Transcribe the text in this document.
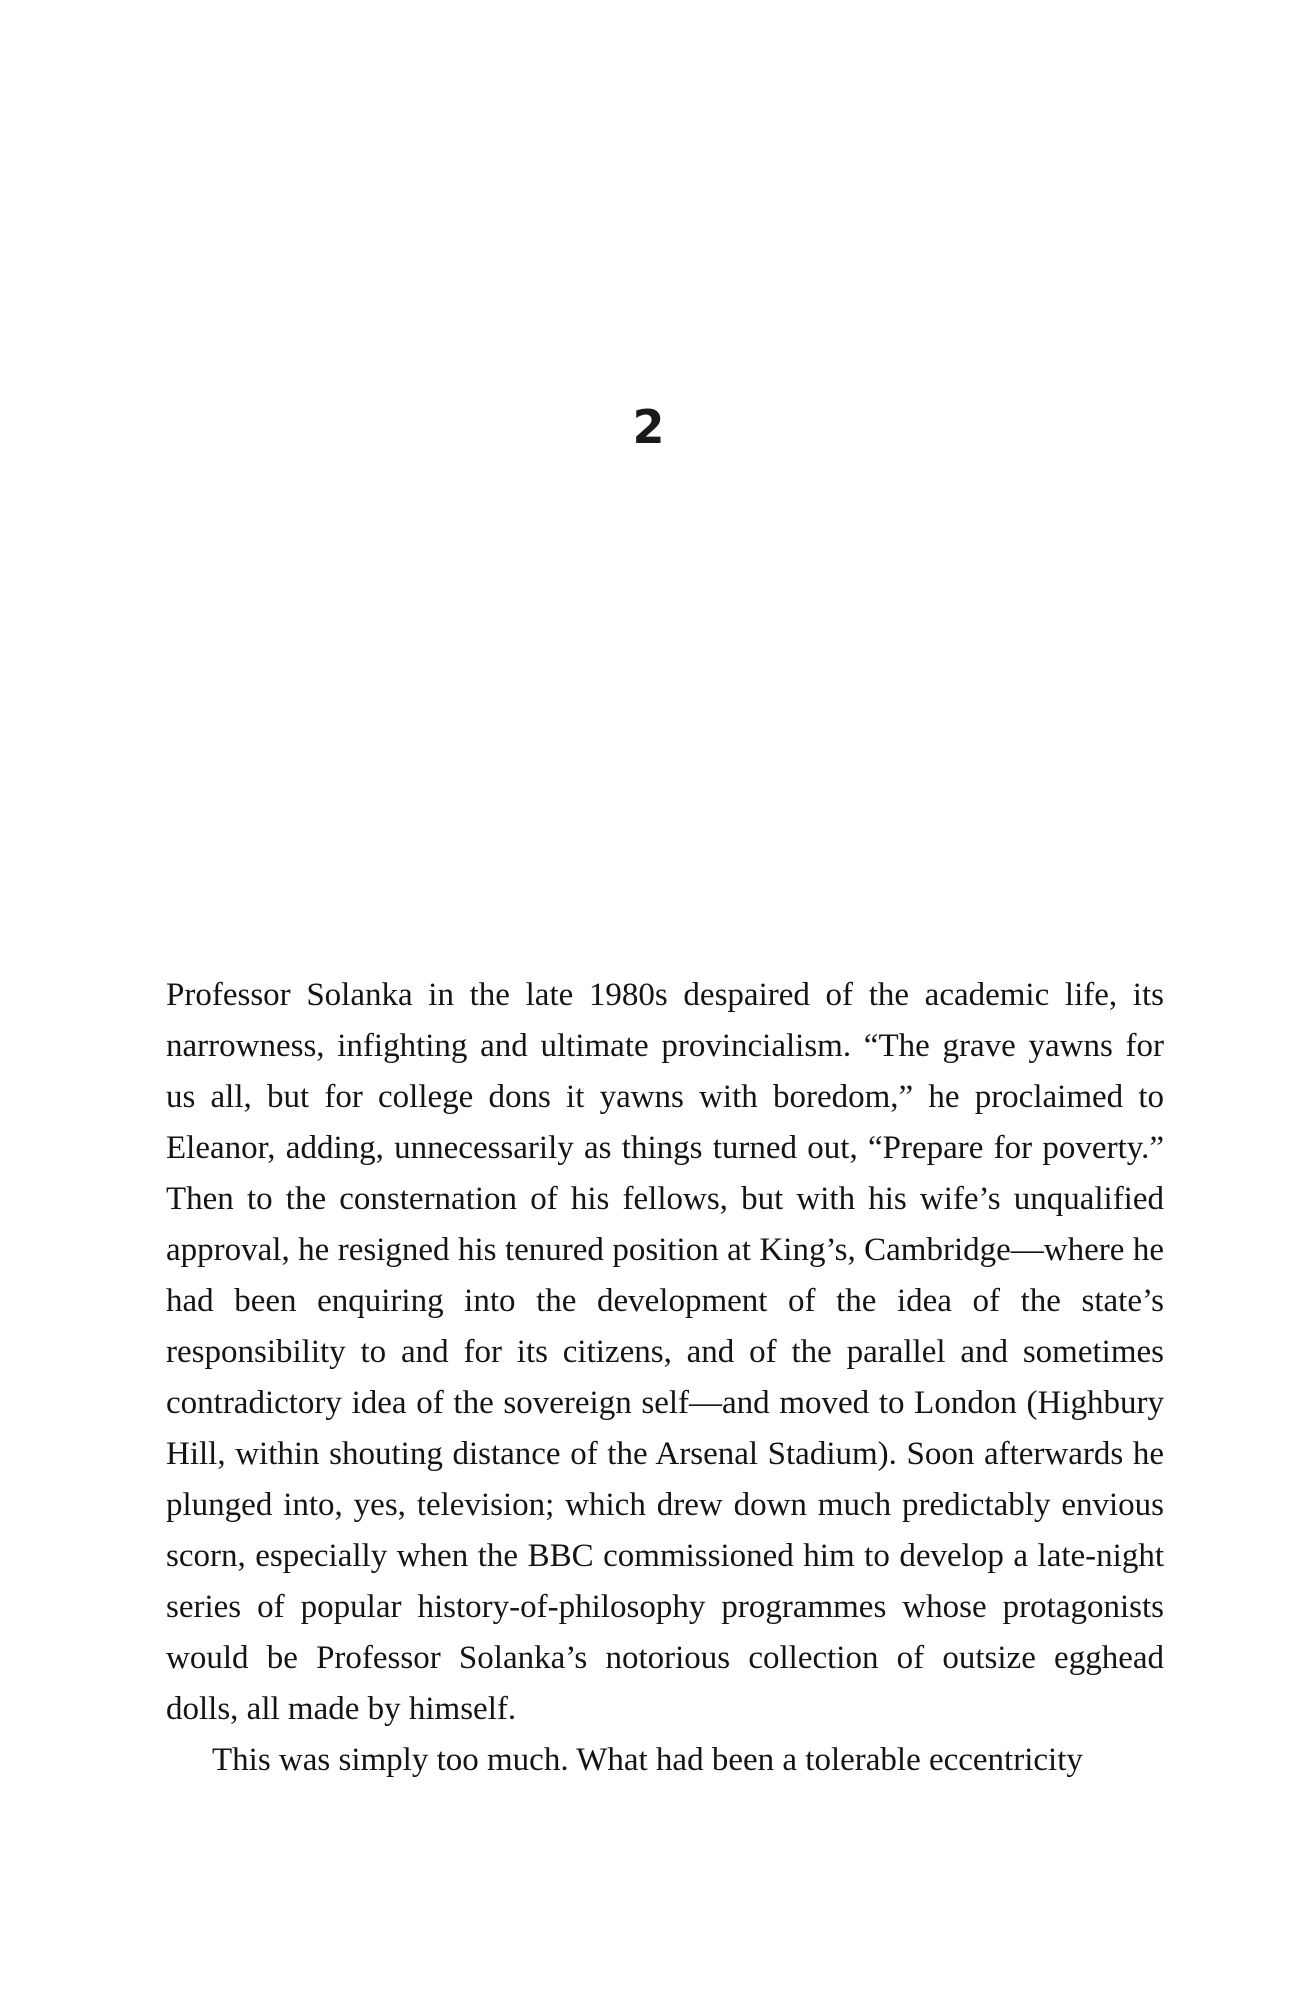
2

Professor Solanka in the late 1980s despaired of the academic life, its narrowness, infighting and ultimate provincialism. “The grave yawns for us all, but for college dons it yawns with boredom,” he proclaimed to Eleanor, adding, unnecessarily as things turned out, “Prepare for poverty.” Then to the consternation of his fellows, but with his wife’s unqualified approval, he resigned his tenured position at King’s, Cambridge—where he had been enquiring into the development of the idea of the state’s responsibility to and for its citizens, and of the parallel and sometimes contradictory idea of the sovereign self—and moved to London (Highbury Hill, within shouting distance of the Arsenal Stadium). Soon afterwards he plunged into, yes, television; which drew down much predictably envious scorn, especially when the BBC commissioned him to develop a late-night series of popular history-of-philosophy programmes whose protagonists would be Professor Solanka’s notorious collection of outsize egghead dolls, all made by himself.

This was simply too much. What had been a tolerable eccentricity
